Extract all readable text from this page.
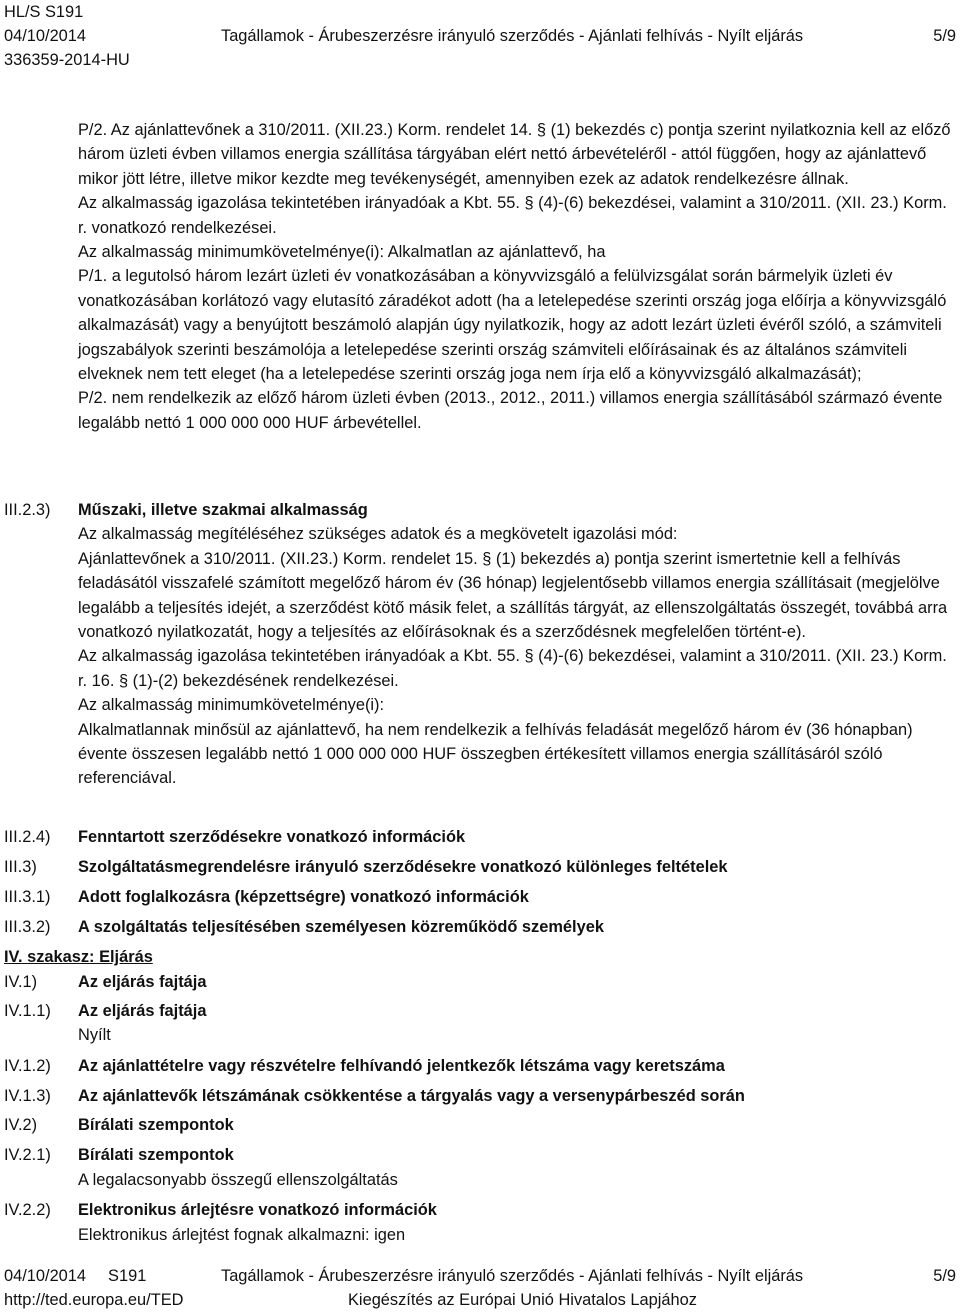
HL/S S191
04/10/2014	Tagállamok - Árubeszerzésre irányuló szerződés - Ajánlati felhívás - Nyílt eljárás	5/9
336359-2014-HU

P/2. Az ajánlattevőnek a 310/2011. (XII.23.) Korm. rendelet 14. § (1) bekezdés c) pontja szerint nyilatkoznia kell az előző három üzleti évben villamos energia szállítása tárgyában elért nettó árbevételéről - attól függően, hogy az ajánlattevő mikor jött létre, illetve mikor kezdte meg tevékenységét, amennyiben ezek az adatok rendelkezésre állnak.

Az alkalmasság igazolása tekintetében irányadóak a Kbt. 55. § (4)-(6) bekezdései, valamint a 310/2011. (XII. 23.) Korm. r. vonatkozó rendelkezései.

Az alkalmasság minimumkövetelménye(i): Alkalmatlan az ajánlattevő, ha

P/1. a legutolsó három lezárt üzleti év vonatkozásában a könyvvizsgáló a felülvizsgálat során bármelyik üzleti év vonatkozásában korlátozó vagy elutasító záradékot adott (ha a letelepedése szerinti ország joga előírja a könyvvizsgáló alkalmazását) vagy a benyújtott beszámoló alapján úgy nyilatkozik, hogy az adott lezárt üzleti évéről szóló, a számviteli jogszabályok szerinti beszámolója a letelepedése szerinti ország számviteli előírásainak és az általános számviteli elveknek nem tett eleget (ha a letelepedése szerinti ország joga nem írja elő a könyvvizsgáló alkalmazását);

P/2. nem rendelkezik az előző három üzleti évben (2013., 2012., 2011.) villamos energia szállításából származó évente legalább nettó 1 000 000 000 HUF árbevétellel.

III.2.3) Műszaki, illetve szakmai alkalmasság

Az alkalmasság megítéléséhez szükséges adatok és a megkövetelt igazolási mód:

Ajánlattevőnek a 310/2011. (XII.23.) Korm. rendelet 15. § (1) bekezdés a) pontja szerint ismertetnie kell a felhívás feladásától visszafelé számított megelőző három év (36 hónap) legjelentősebb villamos energia szállításait (megjelölve legalább a teljesítés idejét, a szerződést kötő másik felet, a szállítás tárgyát, az ellenszolgáltatás összegét, továbbá arra vonatkozó nyilatkozatát, hogy a teljesítés az előírásoknak és a szerződésnek megfelelően történt-e).

Az alkalmasság igazolása tekintetében irányadóak a Kbt. 55. § (4)-(6) bekezdései, valamint a 310/2011. (XII. 23.) Korm. r. 16. § (1)-(2) bekezdésének rendelkezései.

Az alkalmasság minimumkövetelménye(i):

Alkalmatlannak minősül az ajánlattevő, ha nem rendelkezik a felhívás feladását megelőző három év (36 hónapban) évente összesen legalább nettó 1 000 000 000 HUF összegben értékesített villamos energia szállításáról szóló referenciával.

III.2.4) Fenntartott szerződésekre vonatkozó információk
III.3)	Szolgáltatásmegrendelésre irányuló szerződésekre vonatkozó különleges feltételek
III.3.1) Adott foglalkozásra (képzettségre) vonatkozó információk
III.3.2) A szolgáltatás teljesítésében személyesen közreműködő személyek
IV. szakasz: Eljárás
IV.1) Az eljárás fajtája
IV.1.1) Az eljárás fajtája
Nyílt
IV.1.2) Az ajánlattételre vagy részvételre felhívandó jelentkezők létszáma vagy keretszáma
IV.1.3) Az ajánlattevők létszámának csökkentése a tárgyalás vagy a versenypárbeszéd során
IV.2) Bírálati szempontok
IV.2.1) Bírálati szempontok
A legalacsonyabb összegű ellenszolgáltatás
IV.2.2) Elektronikus árlejtésre vonatkozó információk
Elektronikus árlejtést fognak alkalmazni: igen
04/10/2014 S191	Tagállamok - Árubeszerzésre irányuló szerződés - Ajánlati felhívás - Nyílt eljárás	5/9
http://ted.europa.eu/TED	Kiegészítés az Európai Unió Hivatalos Lapjához
